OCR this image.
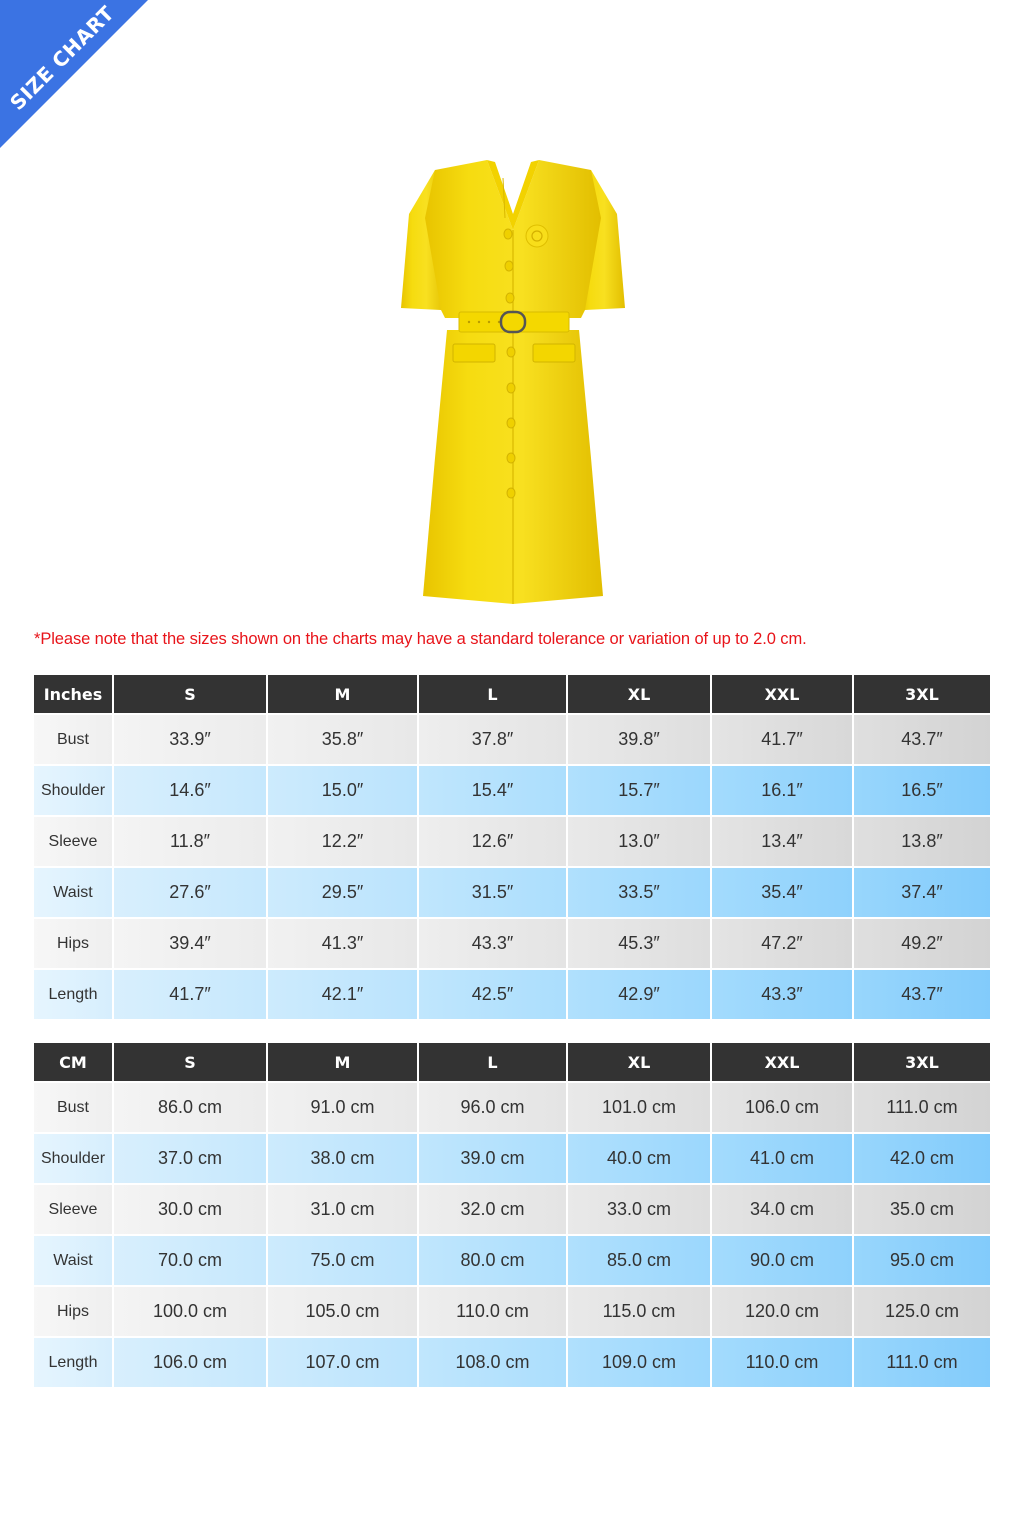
SIZE CHART
*Please note that the sizes shown on the charts may have a standard tolerance or variation of up to 2.0 cm.
Inches	S	M	L	XL	XXL	3XL
Bust	33.9″	35.8″	37.8″	39.8″	41.7″	43.7″
Shoulder	14.6″	15.0″	15.4″	15.7″	16.1″	16.5″
Sleeve	11.8″	12.2″	12.6″	13.0″	13.4″	13.8″
Waist	27.6″	29.5″	31.5″	33.5″	35.4″	37.4″
Hips	39.4″	41.3″	43.3″	45.3″	47.2″	49.2″
Length	41.7″	42.1″	42.5″	42.9″	43.3″	43.7″
CM	S	M	L	XL	XXL	3XL
Bust	86.0 cm	91.0 cm	96.0 cm	101.0 cm	106.0 cm	111.0 cm
Shoulder	37.0 cm	38.0 cm	39.0 cm	40.0 cm	41.0 cm	42.0 cm
Sleeve	30.0 cm	31.0 cm	32.0 cm	33.0 cm	34.0 cm	35.0 cm
Waist	70.0 cm	75.0 cm	80.0 cm	85.0 cm	90.0 cm	95.0 cm
Hips	100.0 cm	105.0 cm	110.0 cm	115.0 cm	120.0 cm	125.0 cm
Length	106.0 cm	107.0 cm	108.0 cm	109.0 cm	110.0 cm	111.0 cm
